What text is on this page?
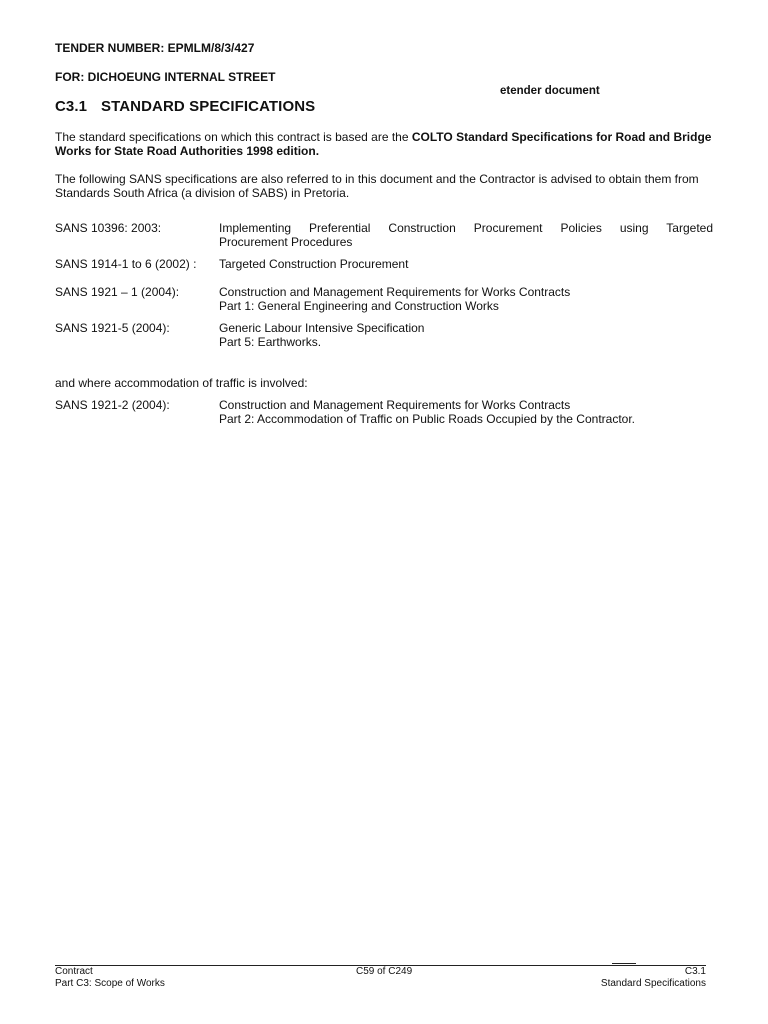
TENDER NUMBER: EPMLM/8/3/427
FOR: DICHOEUNG INTERNAL STREET
etender document
C3.1 STANDARD SPECIFICATIONS
The standard specifications on which this contract is based are the COLTO Standard Specifications for Road and Bridge Works for State Road Authorities 1998 edition.
The following SANS specifications are also referred to in this document and the Contractor is advised to obtain them from Standards South Africa (a division of SABS) in Pretoria.
SANS 10396: 2003:	Implementing Preferential Construction Procurement Policies using Targeted
Procurement Procedures
SANS 1914-1 to 6 (2002) :	Targeted Construction Procurement
SANS 1921 – 1 (2004):	Construction and Management Requirements for Works Contracts
Part 1: General Engineering and Construction Works
SANS 1921-5 (2004):	Generic Labour Intensive Specification
Part 5: Earthworks.
and where accommodation of traffic is involved:
SANS 1921-2 (2004):	Construction and Management Requirements for Works Contracts
Part 2: Accommodation of Traffic on Public Roads Occupied by the Contractor.
Contract
Part C3: Scope of Works
C59 of C249	C3.1
Standard Specifications
